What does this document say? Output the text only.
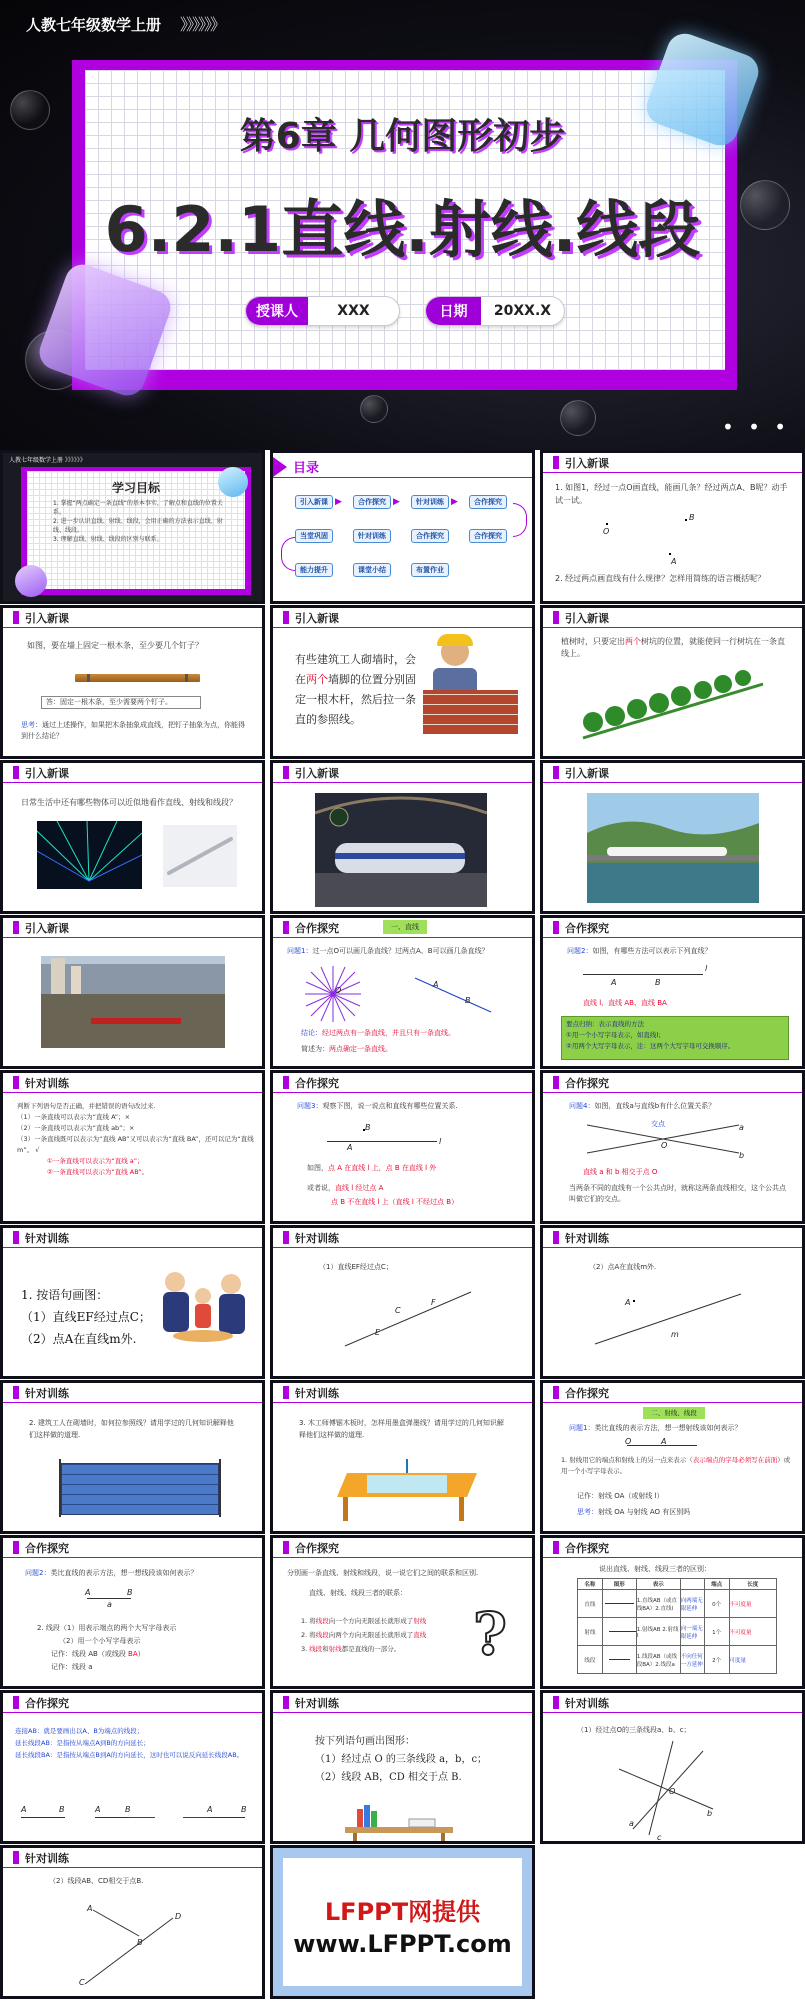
人教七年级数学上册 》》》》》》
第6章 几何图形初步
6.2.1直线.射线.线段
授课人	XXX	日期	20XX.X
• • •
人教七年级数学上册 》》》》》》
学习目标
1. 掌握“两点确定一条直线”的基本事实，了解点和直线的位置关系。
2. 进一步认识直线、射线、线段，会用正确的方法表示直线、射线、线段。
3. 理解直线、射线、线段的区别与联系。
目录
引入新课	合作探究	针对训练	合作探究
合作探究
合作探究
针对训练
当堂巩固
能力提升	课堂小结	布置作业
▶	▶	▶
引入新课
1. 如图1，经过一点O画直线，能画几条？经过两点A、B呢？动手试一试。
O
B
A
2. 经过两点画直线有什么规律？怎样用简练的语言概括呢？
引入新课
如图，要在墙上固定一根木条，至少要几个钉子？
答：固定一根木条，至少需要两个钉子。
思考：通过上述操作，如果把木条抽象成直线，把钉子抽象为点，你能得到什么结论？
引入新课
有些建筑工人砌墙时，会在两个墙脚的位置分别固定一根木杆，然后拉一条直的参照线。
引入新课
植树时，只要定出两个树坑的位置，就能使同一行树坑在一条直线上。
引入新课
日常生活中还有哪些物体可以近似地看作直线、射线和线段？
引入新课	引入新课
引入新课	合作探究	一、直线
问题1：过一点O可以画几条直线？过两点A、B可以画几条直线？
O
A
B
结论：经过两点有一条直线，并且只有一条直线。
简述为：两点确定一条直线。
合作探究
问题2：如图，有哪些方法可以表示下列直线？
A	B
l
直线 l、直线 AB、直线 BA
要点归纳：表示直线的方法
①用一个小写字母表示，如直线l；
②用两个大写字母表示，注：这两个大写字母可交换顺序。
针对训练
判断下列语句是否正确，并把错误的语句改过来.
（1）一条直线可以表示为“直线 A”；×
（2）一条直线可以表示为“直线 ab”；×
（3）一条直线既可以表示为“直线 AB”又可以表示为“直线 BA”，还可以记为“直线 m”。 √
①一条直线可以表示为“直线 a”；
②一条直线可以表示为“直线 AB”。
合作探究
问题3：观察下图，说一说点和直线有哪些位置关系.
B
A
l
如图，点 A 在直线 l 上，点 B 在直线 l 外
或者说，直线 l 经过点 A
点 B 不在直线 l 上（直线 l 不经过点 B）
合作探究
问题4：如图，直线a与直线b有什么位置关系？
交点	a
b
O
直线 a 和 b 相交于点 O
当两条不同的直线有一个公共点时，就称这两条直线相交，这个公共点叫做它们的交点。
针对训练
1. 按语句画图：
（1）直线EF经过点C；
（2）点A在直线m外.
针对训练
（1）直线EF经过点C；
C
F
E
针对训练
（2）点A在直线m外.
A
m
针对训练
2. 建筑工人在砌墙时，如何拉参照线？请用学过的几何知识解释他们这样做的道理.
针对训练
3. 木工师傅锯木板时，怎样用墨盒弹墨线？请用学过的几何知识解释他们这样做的道理.
合作探究
二、射线、线段
问题1：类比直线的表示方法，想一想射线该如何表示？
O	A
1. 射线用它的端点和射线上的另一点来表示（表示端点的字母必须写在前面）或用一个小写字母表示。
记作：射线 OA（或射线 l）
思考：射线 OA 与射线 AO 有区别吗
合作探究
问题2：类比直线的表示方法，想一想线段该如何表示？
A	B
a
2. 线段（1）用表示端点的两个大写字母表示
（2）用一个小写字母表示
记作：线段 AB（或线段 BA）
记作：线段 a
合作探究
分别画一条直线、射线和线段，说一说它们之间的联系和区别.
直线、射线、线段三者的联系：
1. 将线段向一个方向无限延长就形成了射线
2. 将线段向两个方向无限延长就形成了直线
3. 线段和射线都是直线的一部分。	?
合作探究
说出直线、射线、线段三者的区别：
名称	图形	表示		端点	长度
直线		1.直线AB（或直线BA）2.直线l	向两端无限延伸	0个	不可度量
射线		1.射线AB 2.射线l	向一端无限延伸	1个	不可度量
线段		1.线段AB（或线段BA）2.线段a	不向任何一方延伸	2个	可度量
合作探究
连接AB：就是要画出以A、B为端点的线段；
延长线段AB：是指按从端点A到B的方向延长；
延长线段BA：是指按从端点B到A的方向延长，这时也可以说反向延长线段AB。
A	B	A	B	A	B
针对训练
按下列语句画出图形：
（1）经过点 O 的三条线段 a，b，c；
（2）线段 AB，CD 相交于点 B.
针对训练
（1）经过点O的三条线段a、b、c；
O
a
b
c
针对训练
（2）线段AB、CD相交于点B.
A
D
B
C
LFPPT网提供
www.LFPPT.com
